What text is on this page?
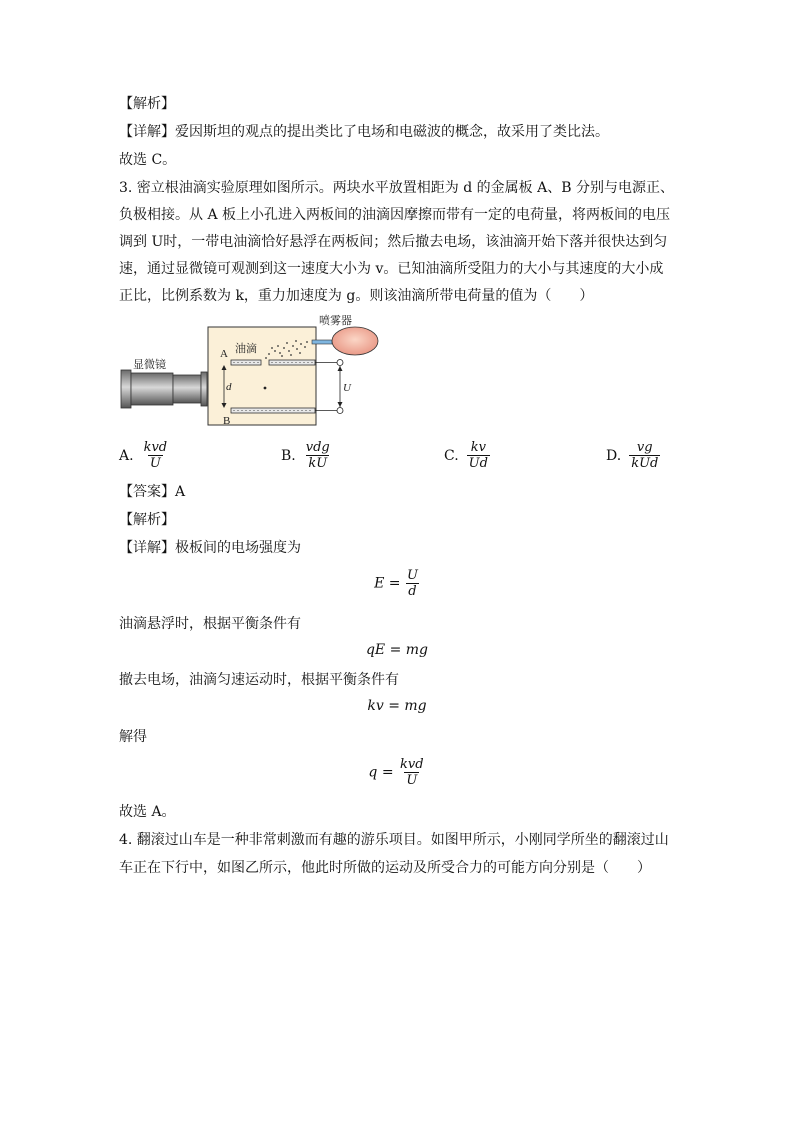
【解析】
【详解】爱因斯坦的观点的提出类比了电场和电磁波的概念，故采用了类比法。
故选 C。
3. 密立根油滴实验原理如图所示。两块水平放置相距为 d 的金属板 A、B 分别与电源正、
负极相接。从 A 板上小孔进入两板间的油滴因摩擦而带有一定的电荷量，将两板间的电压
调到 U时，一带电油滴恰好悬浮在两板间；然后撤去电场，该油滴开始下落并很快达到匀
速，通过显微镜可观测到这一速度大小为 v。已知油滴所受阻力的大小与其速度的大小成
正比，比例系数为 k，重力加速度为 g。则该油滴所带电荷量的值为（　　）
显微镜
A
B
油滴
d
喷雾器
U
A. $\frac{\text{kvd}}{U}$	B. $\frac{\text{vdg}}{kU}$	C. $\frac{kv}{Ud}$	D. $\frac{vg}{\text{kUd}}$
【答案】A
【解析】
【详解】极板间的电场强度为
$E = \frac{U}{d}$
油滴悬浮时，根据平衡条件有
qE = mg
撤去电场，油滴匀速运动时，根据平衡条件有
kv = mg
解得
$q = \frac{\text{kvd}}{U}$
故选 A。
4. 翻滚过山车是一种非常刺激而有趣的游乐项目。如图甲所示，小刚同学所坐的翻滚过山
车正在下行中，如图乙所示，他此时所做的运动及所受合力的可能方向分别是（　　）
